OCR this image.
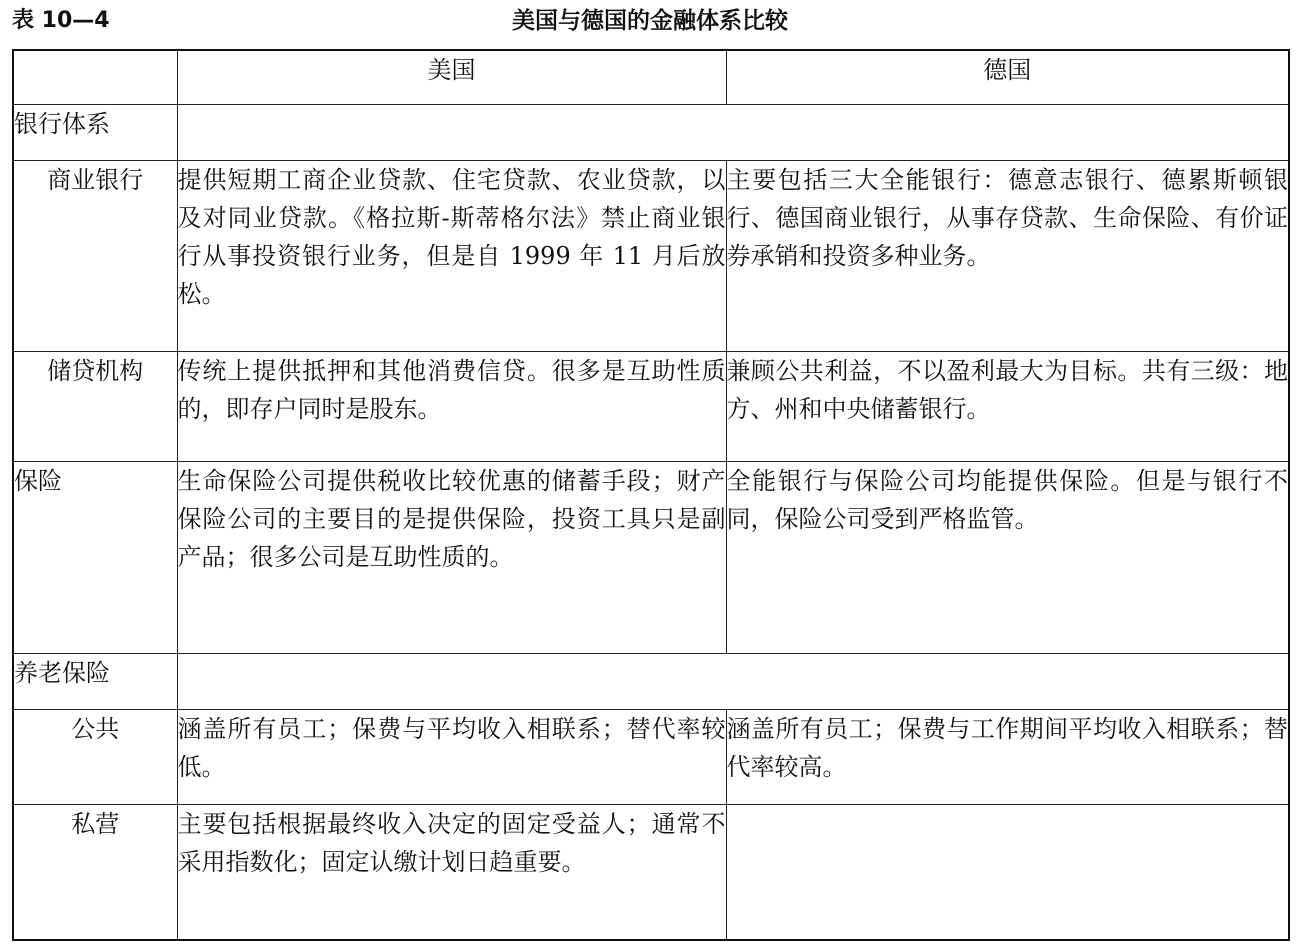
表 10—4	美国与德国的金融体系比较
	美国	德国
银行体系		
商业银行	提供短期工商企业贷款、住宅贷款、农业贷款，以及对同业贷款。《格拉斯-斯蒂格尔法》禁止商业银行从事投资银行业务，但是自 1999 年 11 月后放松。	主要包括三大全能银行：德意志银行、德累斯顿银行、德国商业银行，从事存贷款、生命保险、有价证券承销和投资多种业务。
储贷机构	传统上提供抵押和其他消费信贷。很多是互助性质的，即存户同时是股东。	兼顾公共利益，不以盈利最大为目标。共有三级：地方、州和中央储蓄银行。
保险	生命保险公司提供税收比较优惠的储蓄手段；财产保险公司的主要目的是提供保险，投资工具只是副产品；很多公司是互助性质的。	全能银行与保险公司均能提供保险。但是与银行不同，保险公司受到严格监管。
养老保险		
公共	涵盖所有员工；保费与平均收入相联系；替代率较低。	涵盖所有员工；保费与工作期间平均收入相联系；替代率较高。
私营	主要包括根据最终收入决定的固定受益人；通常不采用指数化；固定认缴计划日趋重要。	
